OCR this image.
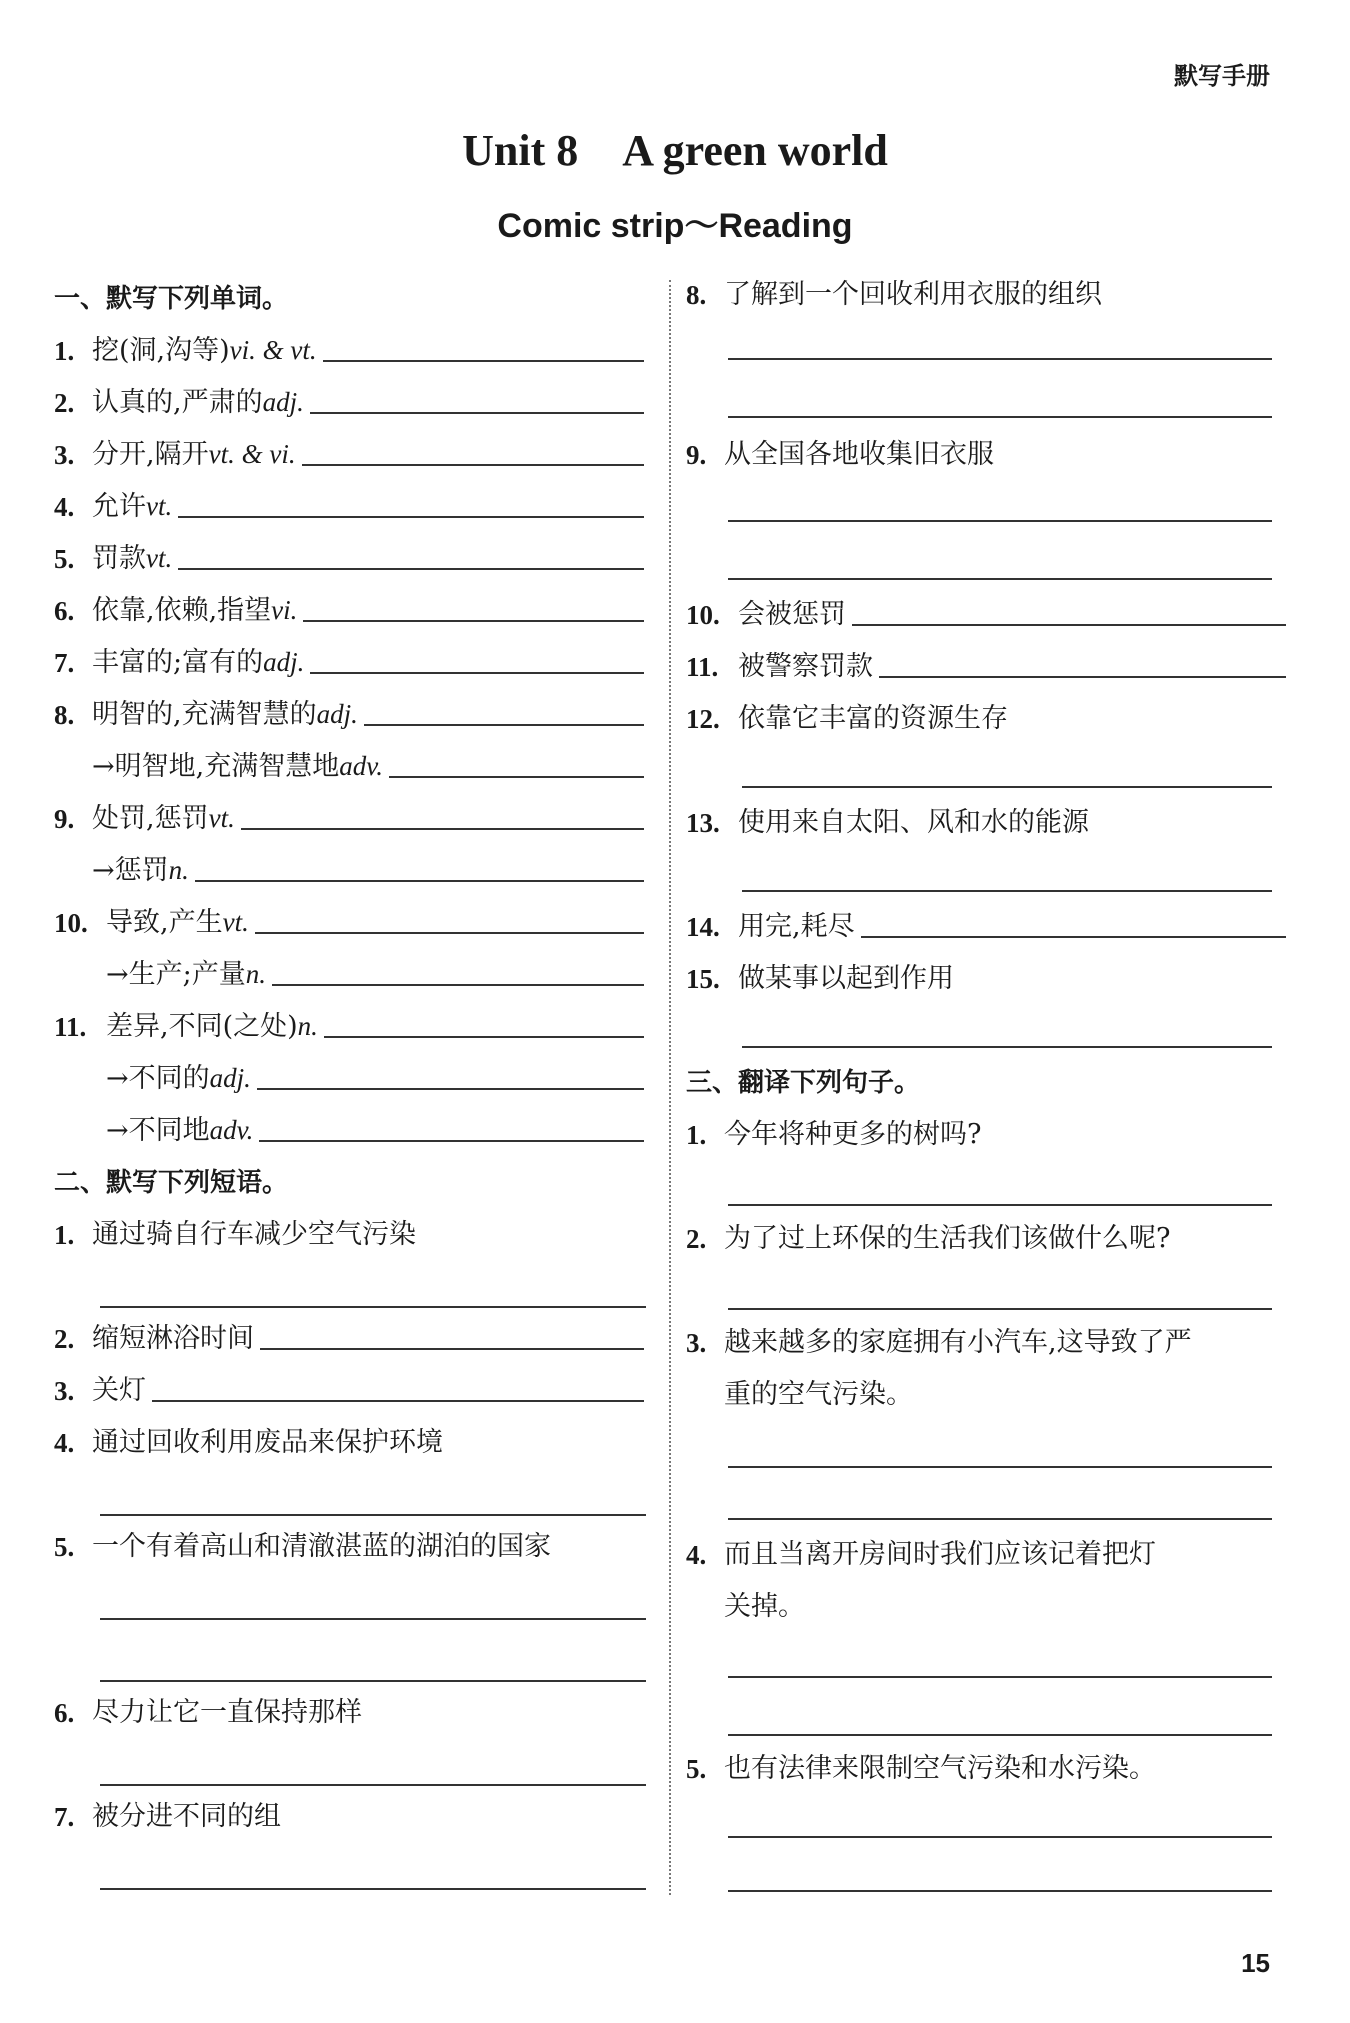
默写手册
Unit 8 A green world
Comic strip～Reading
一、默写下列单词。
1. 挖(洞,沟等) vi. & vt.
2. 认真的,严肃的 adj.
3. 分开,隔开 vt. & vi.
4. 允许 vt.
5. 罚款 vt.
6. 依靠,依赖,指望 vi.
7. 丰富的;富有的 adj.
8. 明智的,充满智慧的 adj.
→明智地,充满智慧地 adv.
9. 处罚,惩罚 vt.
→惩罚 n.
10. 导致,产生 vt.
→生产;产量 n.
11. 差异,不同(之处) n.
→不同的 adj.
→不同地 adv.
二、默写下列短语。
1. 通过骑自行车减少空气污染
2. 缩短淋浴时间
3. 关灯
4. 通过回收利用废品来保护环境
5. 一个有着高山和清澈湛蓝的湖泊的国家
6. 尽力让它一直保持那样
7. 被分进不同的组
8. 了解到一个回收利用衣服的组织
9. 从全国各地收集旧衣服
10. 会被惩罚
11. 被警察罚款
12. 依靠它丰富的资源生存
13. 使用来自太阳、风和水的能源
14. 用完,耗尽
15. 做某事以起到作用
三、翻译下列句子。
1. 今年将种更多的树吗?
2. 为了过上环保的生活我们该做什么呢?
3. 越来越多的家庭拥有小汽车,这导致了严
重的空气污染。
4. 而且当离开房间时我们应该记着把灯
关掉。
5. 也有法律来限制空气污染和水污染。
15
